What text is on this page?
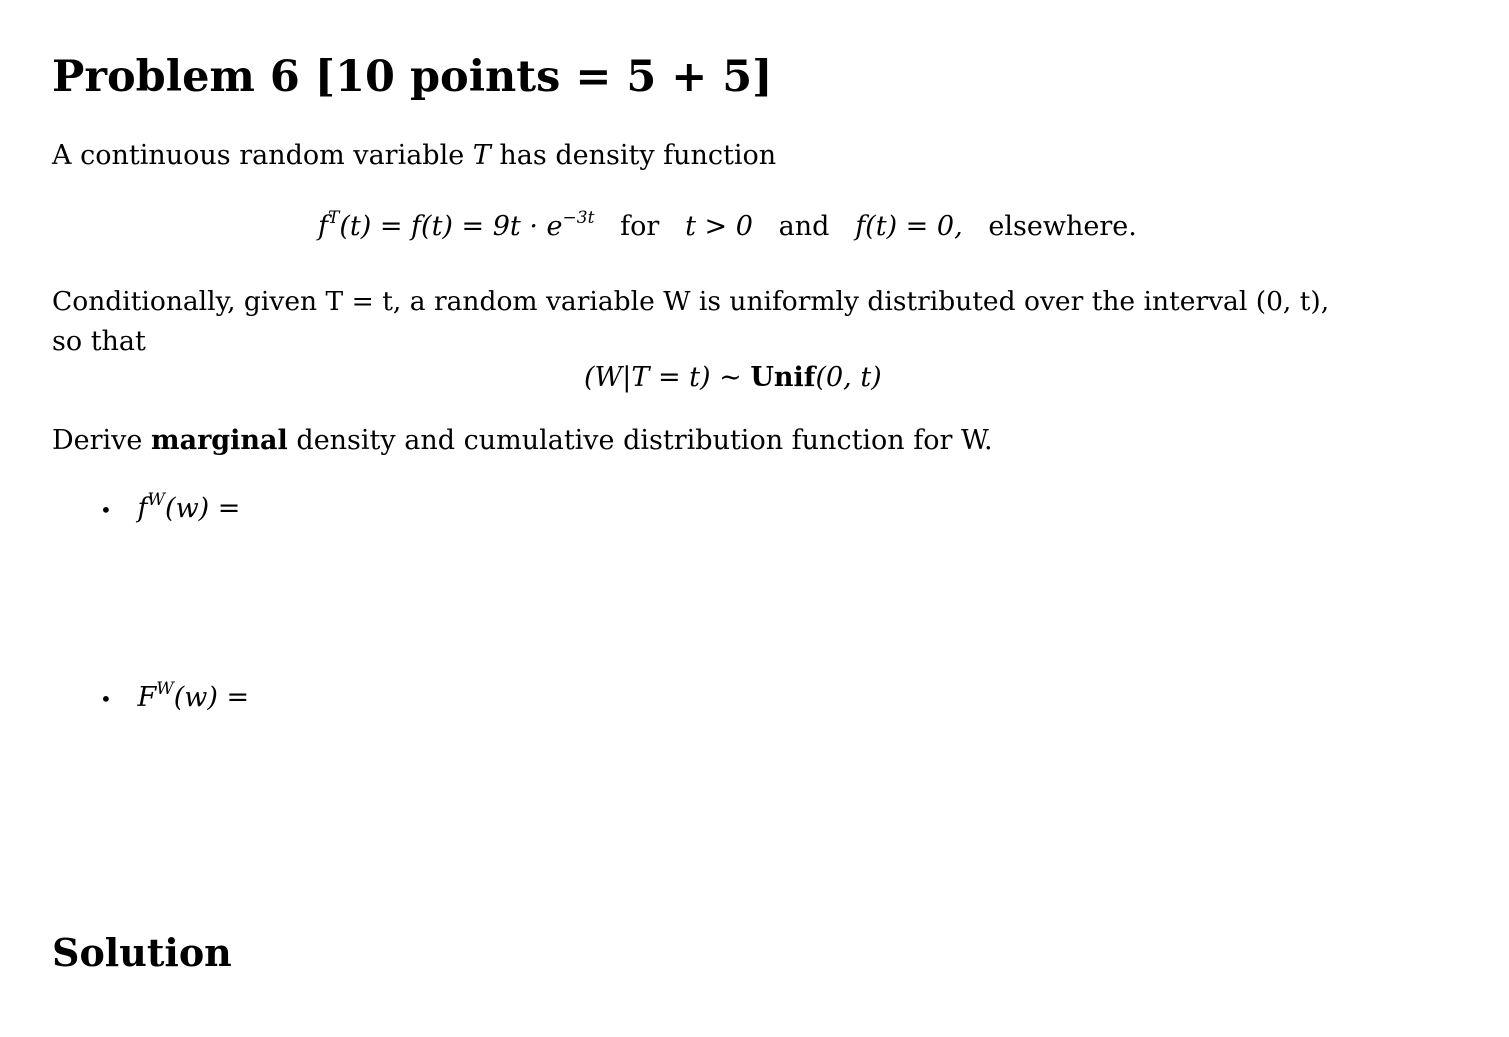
Problem 6 [10 points = 5 + 5]
A continuous random variable T has density function
$f^T(t) = f(t) = 9t \cdot e^{-3t}$ for t > 0 and f(t) = 0, elsewhere.
Conditionally, given T = t, a random variable W is uniformly distributed over the interval (0, t),
so that
(W|T = t) ∼ Unif(0, t)
Derive marginal density and cumulative distribution function for W.
• $f^W(w)$ =
• $F^W(w)$ =
Solution
